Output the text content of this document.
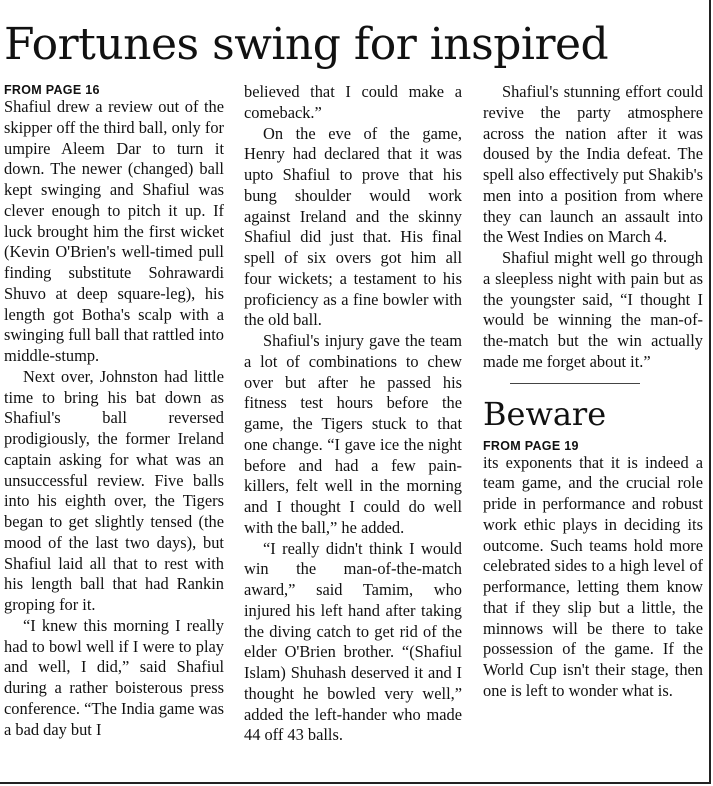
Fortunes swing for inspired
FROM PAGE 16

Shafiul drew a review out of the skipper off the third ball, only for umpire Aleem Dar to turn it down. The newer (changed) ball kept swinging and Shafiul was clever enough to pitch it up. If luck brought him the first wicket (Kevin O'Brien's well-timed pull finding substitute Sohrawardi Shuvo at deep square-leg), his length got Botha's scalp with a swinging full ball that rattled into middle-stump.

Next over, Johnston had little time to bring his bat down as Shafiul's ball reversed prodigiously, the former Ireland captain asking for what was an unsuccessful review. Five balls into his eighth over, the Tigers began to get slightly tensed (the mood of the last two days), but Shafiul laid all that to rest with his length ball that had Rankin groping for it.

“I knew this morning I really had to bowl well if I were to play and well, I did,” said Shafiul during a rather boisterous press conference. “The India game was a bad day but I

believed that I could make a comeback.”

On the eve of the game, Henry had declared that it was upto Shafiul to prove that his bung shoulder would work against Ireland and the skinny Shafiul did just that. His final spell of six overs got him all four wickets; a testament to his proficiency as a fine bowler with the old ball.

Shafiul's injury gave the team a lot of combinations to chew over but after he passed his fitness test hours before the game, the Tigers stuck to that one change. “I gave ice the night before and had a few pain-killers, felt well in the morning and I thought I could do well with the ball,” he added.

“I really didn't think I would win the man-of-the-match award,” said Tamim, who injured his left hand after taking the diving catch to get rid of the elder O'Brien brother. “(Shafiul Islam) Shuhash deserved it and I thought he bowled very well,” added the left-hander who made 44 off 43 balls.

Shafiul's stunning effort could revive the party atmosphere across the nation after it was doused by the India defeat. The spell also effectively put Shakib's men into a position from where they can launch an assault into the West Indies on March 4.

Shafiul might well go through a sleepless night with pain but as the youngster said, “I thought I would be winning the man-of-the-match but the win actually made me forget about it.”

Beware
FROM PAGE 19

its exponents that it is indeed a team game, and the crucial role pride in performance and robust work ethic plays in deciding its outcome. Such teams hold more celebrated sides to a high level of performance, letting them know that if they slip but a little, the minnows will be there to take possession of the game. If the World Cup isn't their stage, then one is left to wonder what is.
